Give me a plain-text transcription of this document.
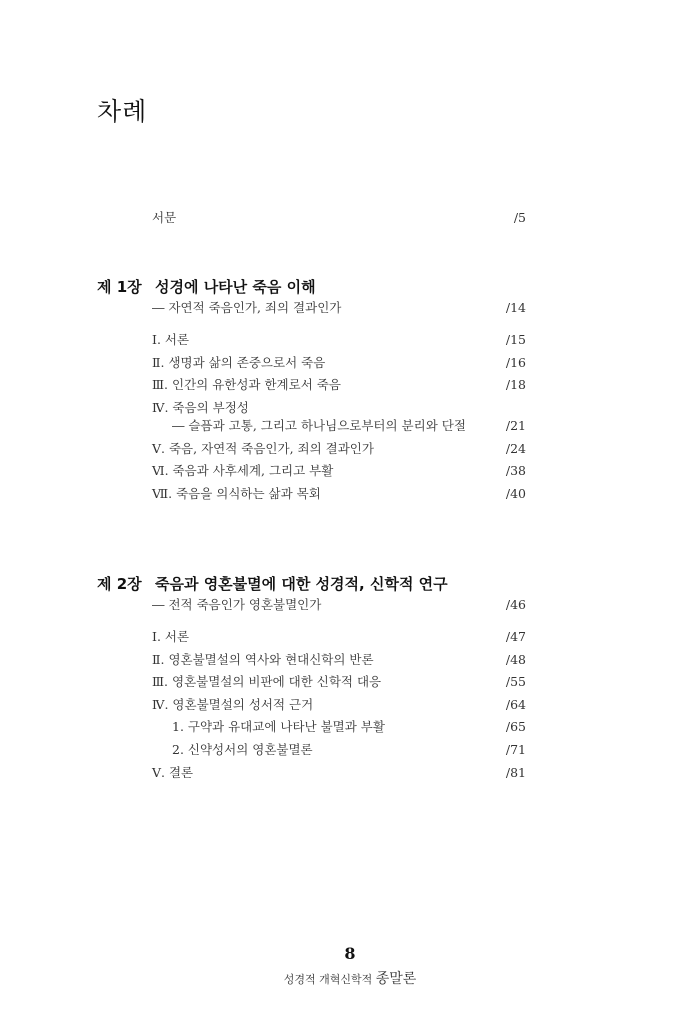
차례
서문	/5
제 1장 성경에 나타난 죽음 이해
― 자연적 죽음인가, 죄의 결과인가	/14
Ⅰ. 서론	/15
Ⅱ. 생명과 삶의 존중으로서 죽음	/16
Ⅲ. 인간의 유한성과 한계로서 죽음	/18
Ⅳ. 죽음의 부정성
― 슬픔과 고통, 그리고 하나님으로부터의 분리와 단절	/21
Ⅴ. 죽음, 자연적 죽음인가, 죄의 결과인가	/24
Ⅵ. 죽음과 사후세계, 그리고 부활	/38
Ⅶ. 죽음을 의식하는 삶과 목회	/40
제 2장 죽음과 영혼불멸에 대한 성경적, 신학적 연구
― 전적 죽음인가 영혼불멸인가	/46
Ⅰ. 서론	/47
Ⅱ. 영혼불멸설의 역사와 현대신학의 반론	/48
Ⅲ. 영혼불멸설의 비판에 대한 신학적 대응	/55
Ⅳ. 영혼불멸설의 성서적 근거	/64
1. 구약과 유대교에 나타난 불멸과 부활	/65
2. 신약성서의 영혼불멸론	/71
Ⅴ. 결론	/81
8
성경적 개혁신학적 종말론
